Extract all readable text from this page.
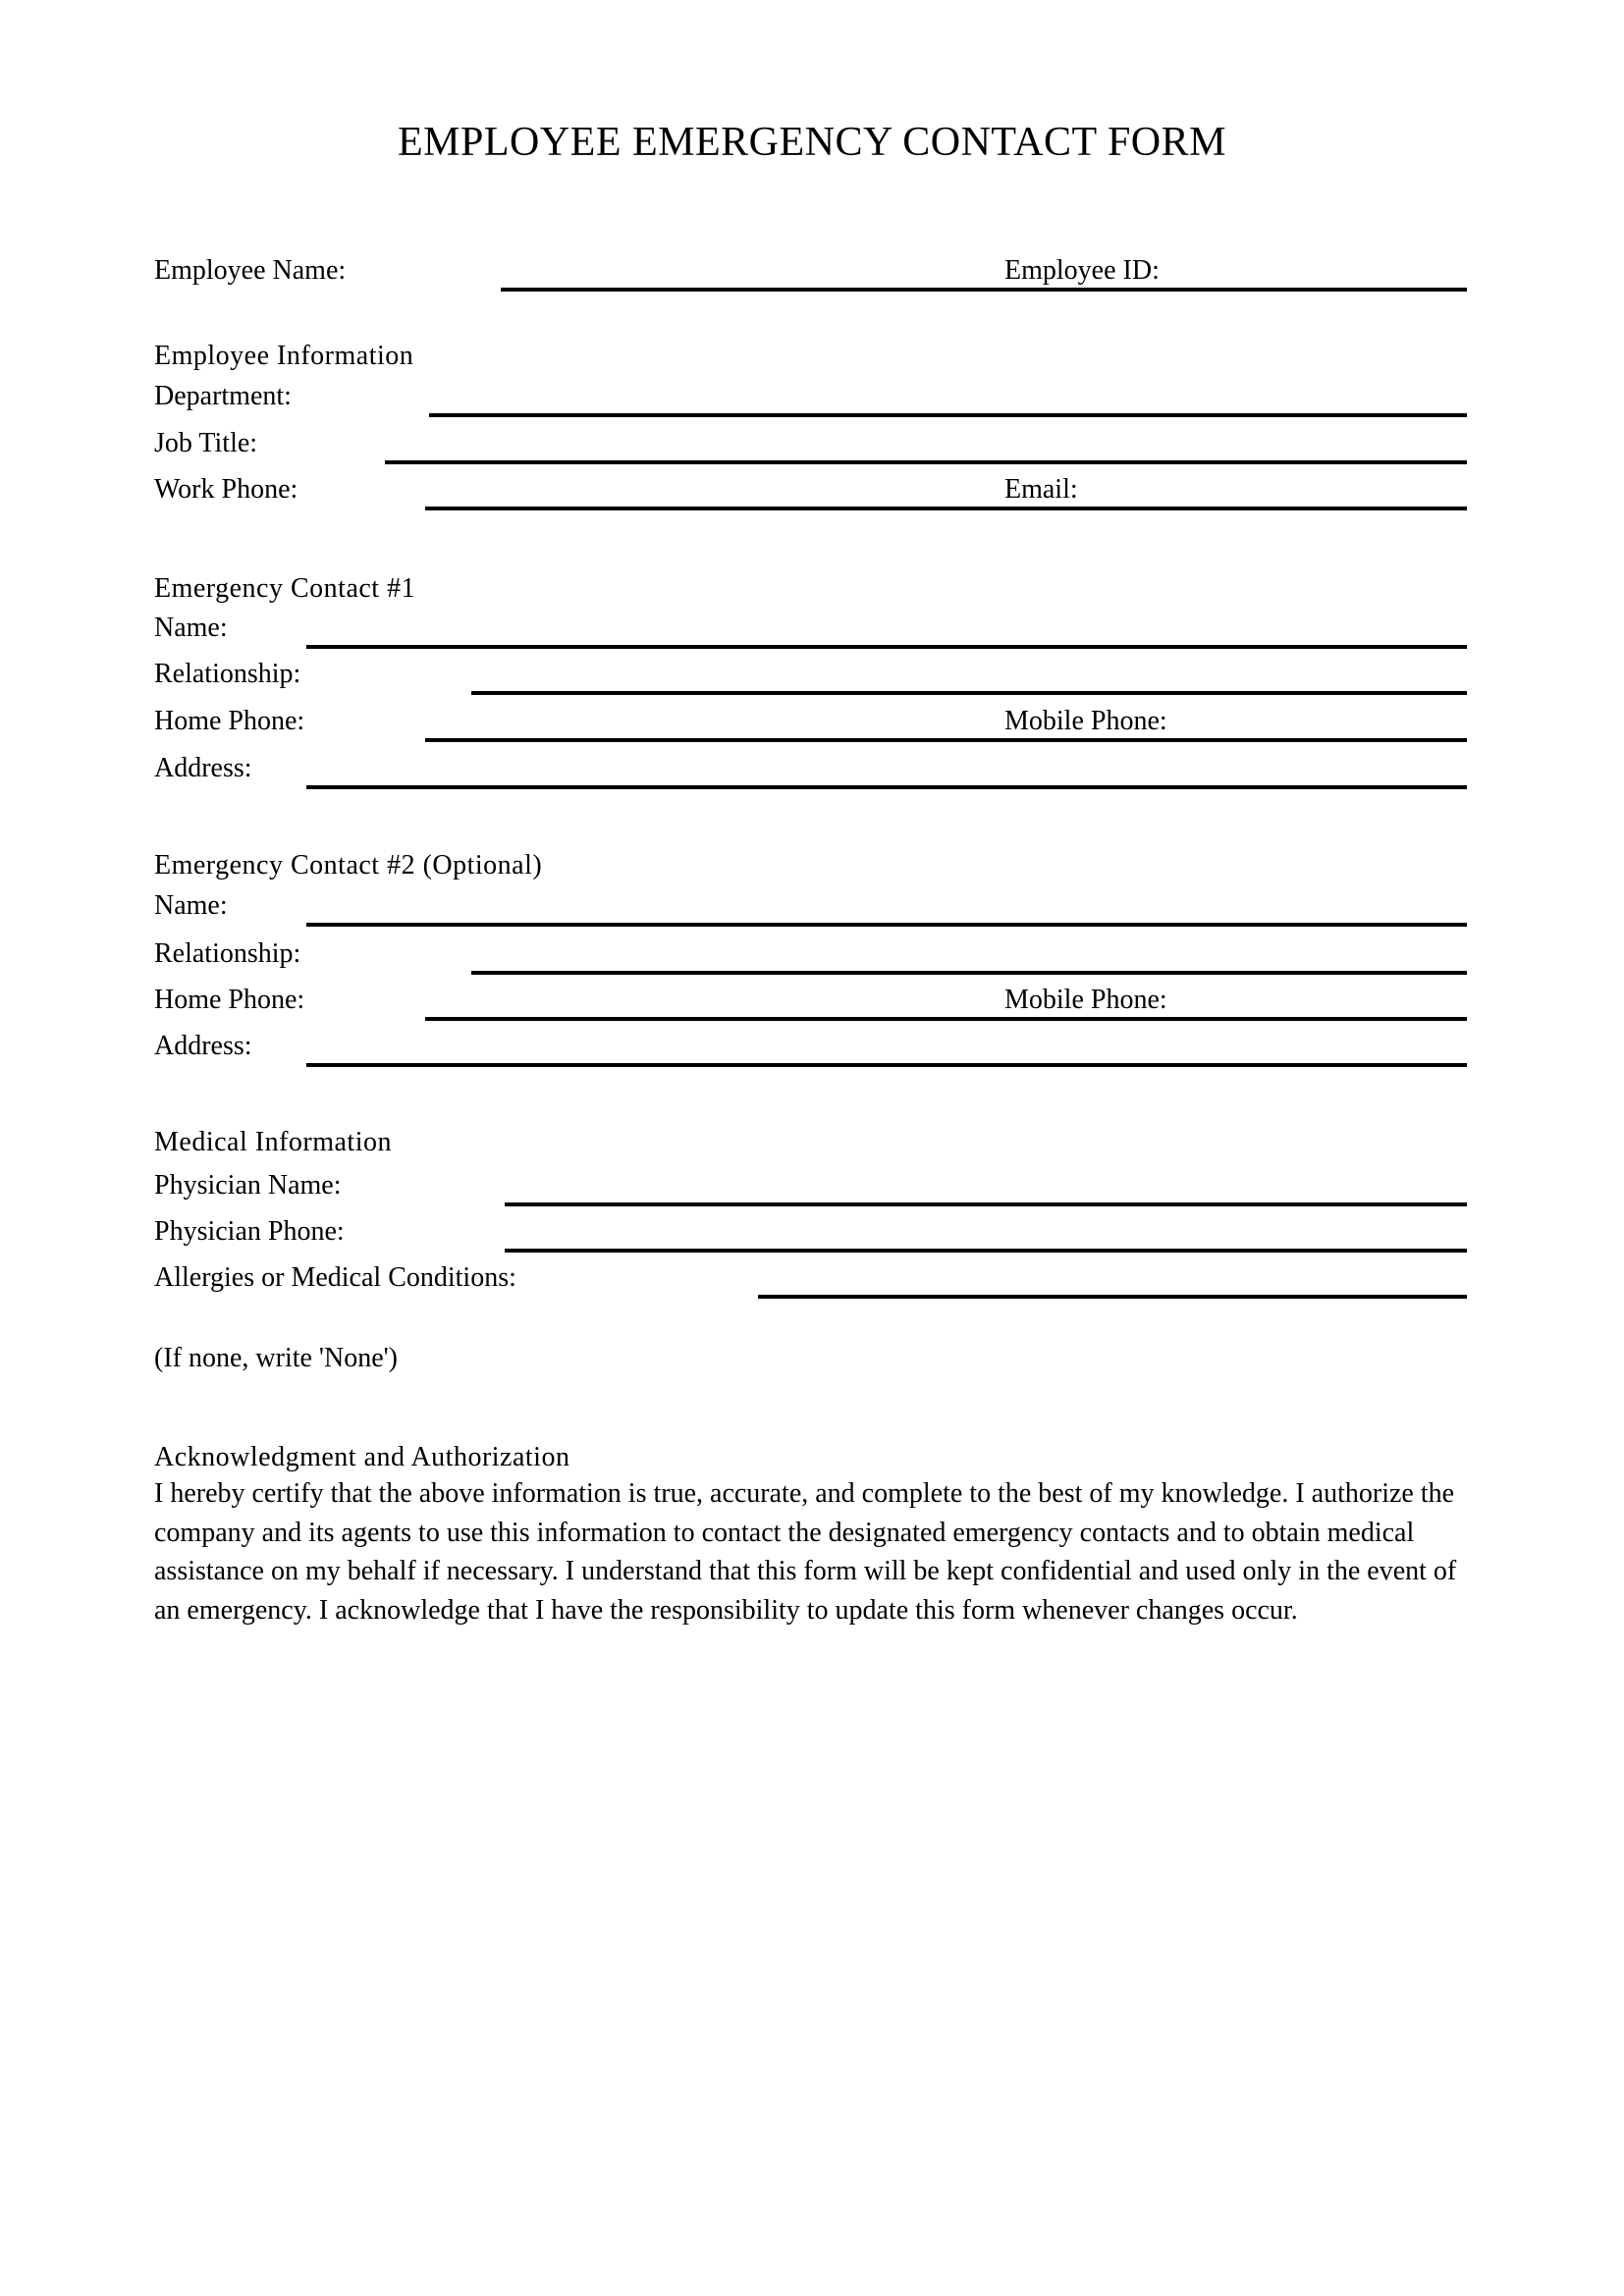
EMPLOYEE EMERGENCY CONTACT FORM
Employee Name:	Employee ID:
Employee Information
Department:
Job Title:
Work Phone:	Email:
Emergency Contact #1
Name:
Relationship:
Home Phone:	Mobile Phone:
Address:
Emergency Contact #2 (Optional)
Name:
Relationship:
Home Phone:	Mobile Phone:
Address:
Medical Information
Physician Name:
Physician Phone:
Allergies or Medical Conditions:
(If none, write 'None')
Acknowledgment and Authorization
I hereby certify that the above information is true, accurate, and complete to the best of my knowledge. I authorize the
company and its agents to use this information to contact the designated emergency contacts and to obtain medical
assistance on my behalf if necessary. I understand that this form will be kept confidential and used only in the event of
an emergency. I acknowledge that I have the responsibility to update this form whenever changes occur.
